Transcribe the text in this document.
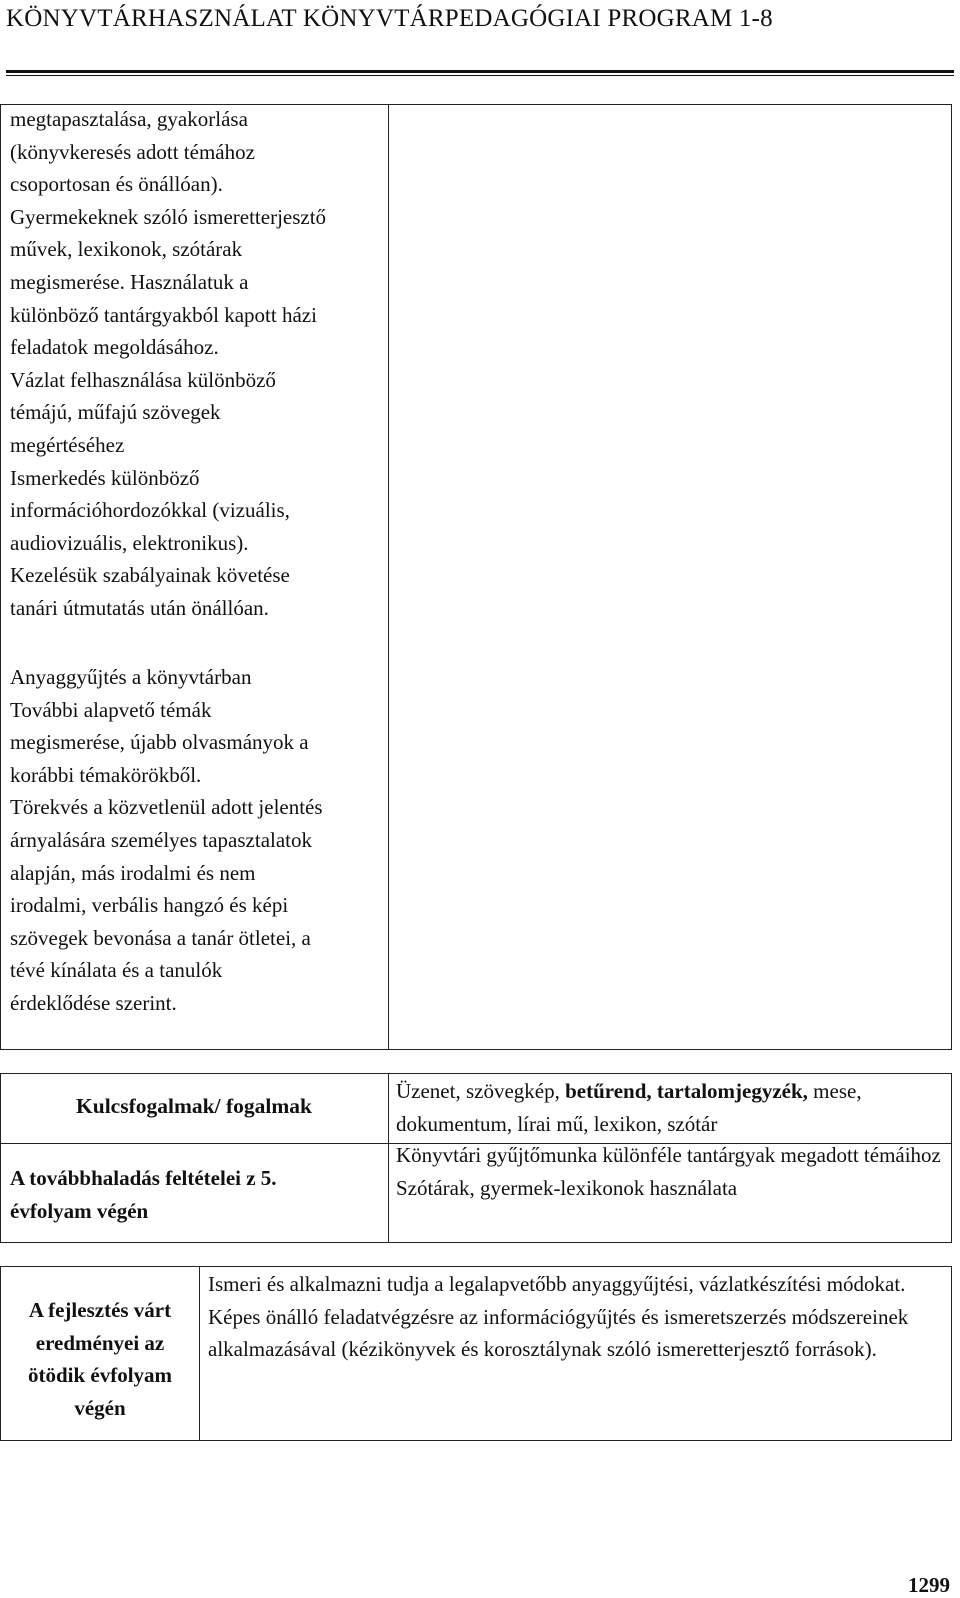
KÖNYVTÁRHASZNÁLAT KÖNYVTÁRPEDAGÓGIAI PROGRAM 1-8
megtapasztalása, gyakorlása
(könyvkeresés adott témához
csoportosan és önállóan).
Gyermekeknek szóló ismeretterjesztő
művek, lexikonok, szótárak
megismerése. Használatuk a
különböző tantárgyakból kapott házi
feladatok megoldásához.
Vázlat felhasználása különböző
témájú, műfajú szövegek
megértéséhez
Ismerkedés különböző
információhordozókkal (vizuális,
audiovizuális, elektronikus).
Kezelésük szabályainak követése
tanári útmutatás után önállóan.
Anyaggyűjtés a könyvtárban
További alapvető témák
megismerése, újabb olvasmányok a
korábbi témakörökből.
Törekvés a közvetlenül adott jelentés
árnyalására személyes tapasztalatok
alapján, más irodalmi és nem
irodalmi, verbális hangzó és képi
szövegek bevonása a tanár ötletei, a
tévé kínálata és a tanulók
érdeklődése szerint.
Kulcsfogalmak/ fogalmak
Üzenet, szövegkép, betűrend, tartalomjegyzék, mese, dokumentum, lírai mű, lexikon, szótár
A továbbhaladás feltételei z 5. évfolyam végén
Könyvtári gyűjtőmunka különféle tantárgyak megadott témáihoz
Szótárak, gyermek-lexikonok használata
A fejlesztés várt eredményei az ötödik évfolyam végén
Ismeri és alkalmazni tudja a legalapvetőbb anyaggyűjtési, vázlatkészítési módokat. Képes önálló feladatvégzésre az információgyűjtés és ismeretszerzés módszereinek alkalmazásával (kézikönyvek és korosztálynak szóló ismeretterjesztő források).
1299
